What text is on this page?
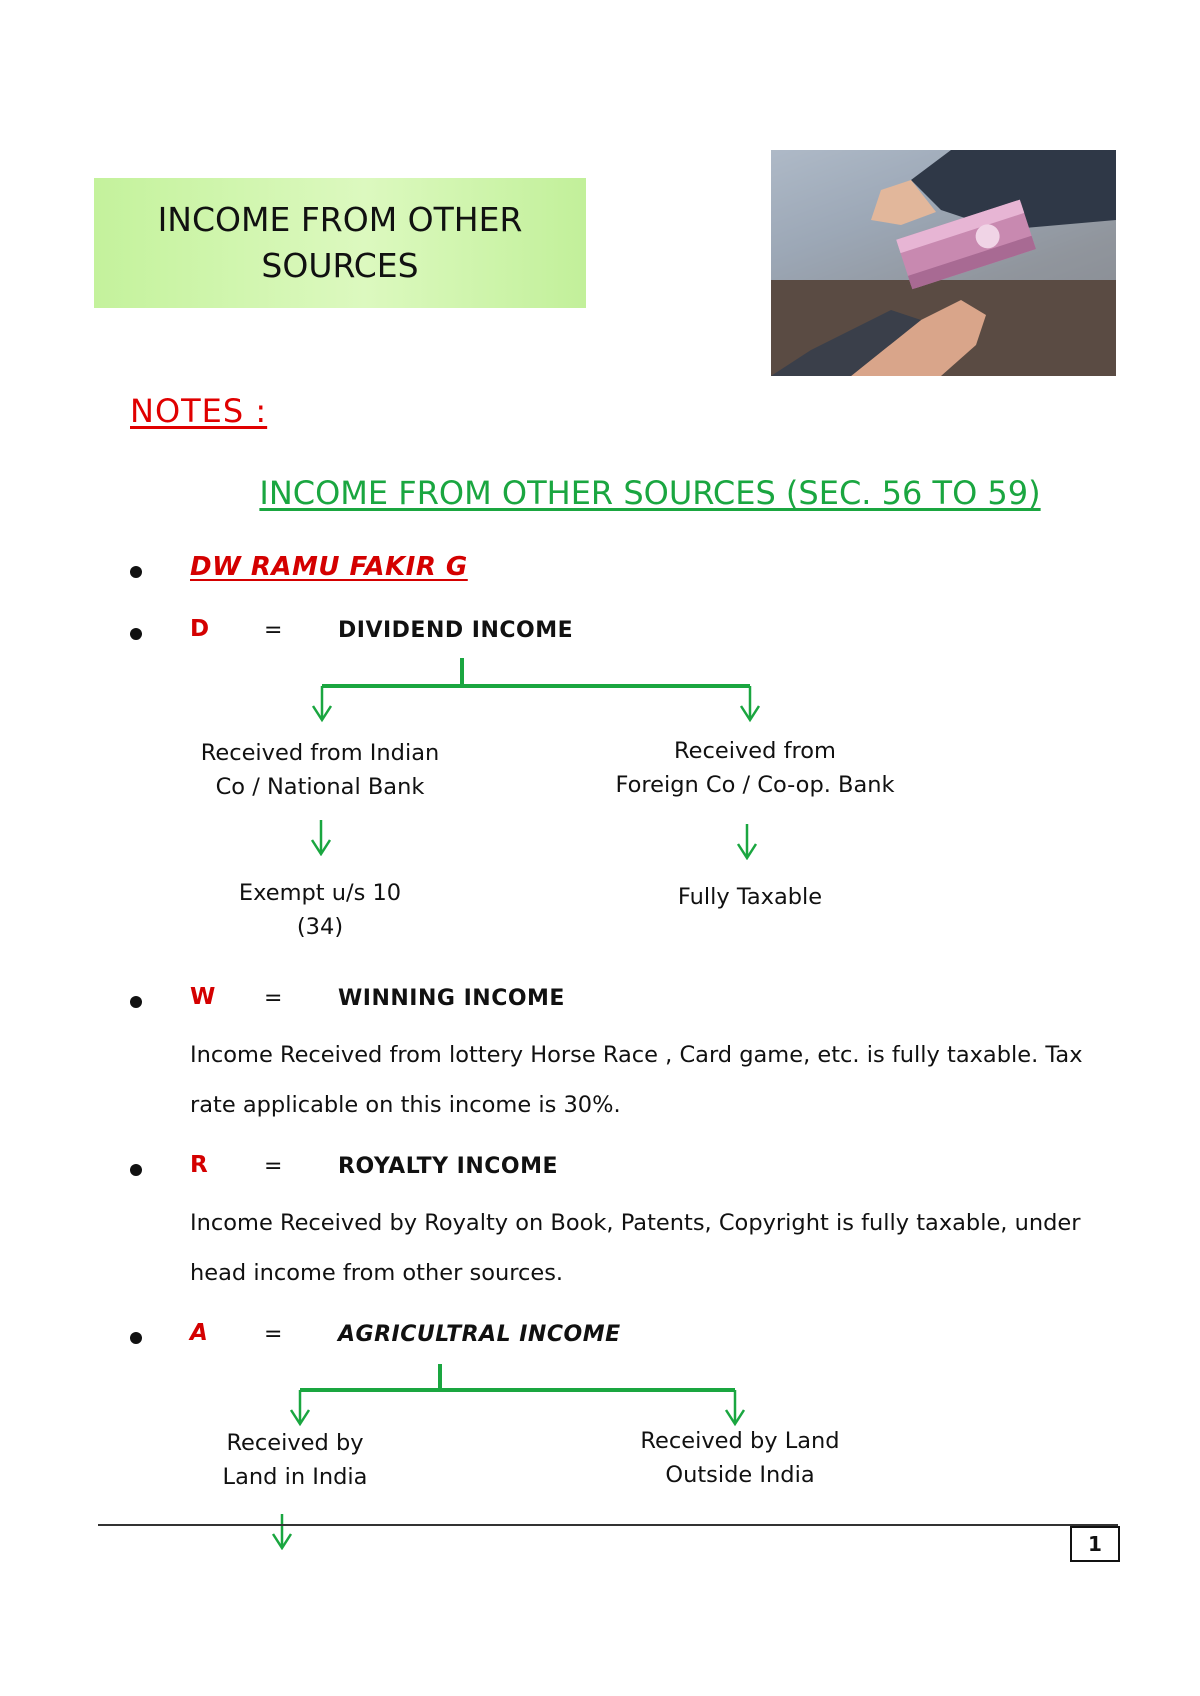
INCOME FROM OTHER
SOURCES
NOTES :
INCOME FROM OTHER SOURCES (SEC. 56 TO 59)
DW RAMU FAKIR G
D =	DIVIDEND INCOME
Received from Indian
Co / National Bank
Received from
Foreign Co / Co-op. Bank
Exempt u/s 10
(34)
Fully Taxable
W =	WINNING INCOME
Income Received from lottery Horse Race , Card game, etc. is fully taxable. Tax
rate applicable on this income is 30%.
R	=	ROYALTY INCOME
Income Received by Royalty on Book, Patents, Copyright is fully taxable, under
head income from other sources.
A	=	AGRICULTRAL INCOME
Received by
Land in India
Received by Land
Outside India
1
